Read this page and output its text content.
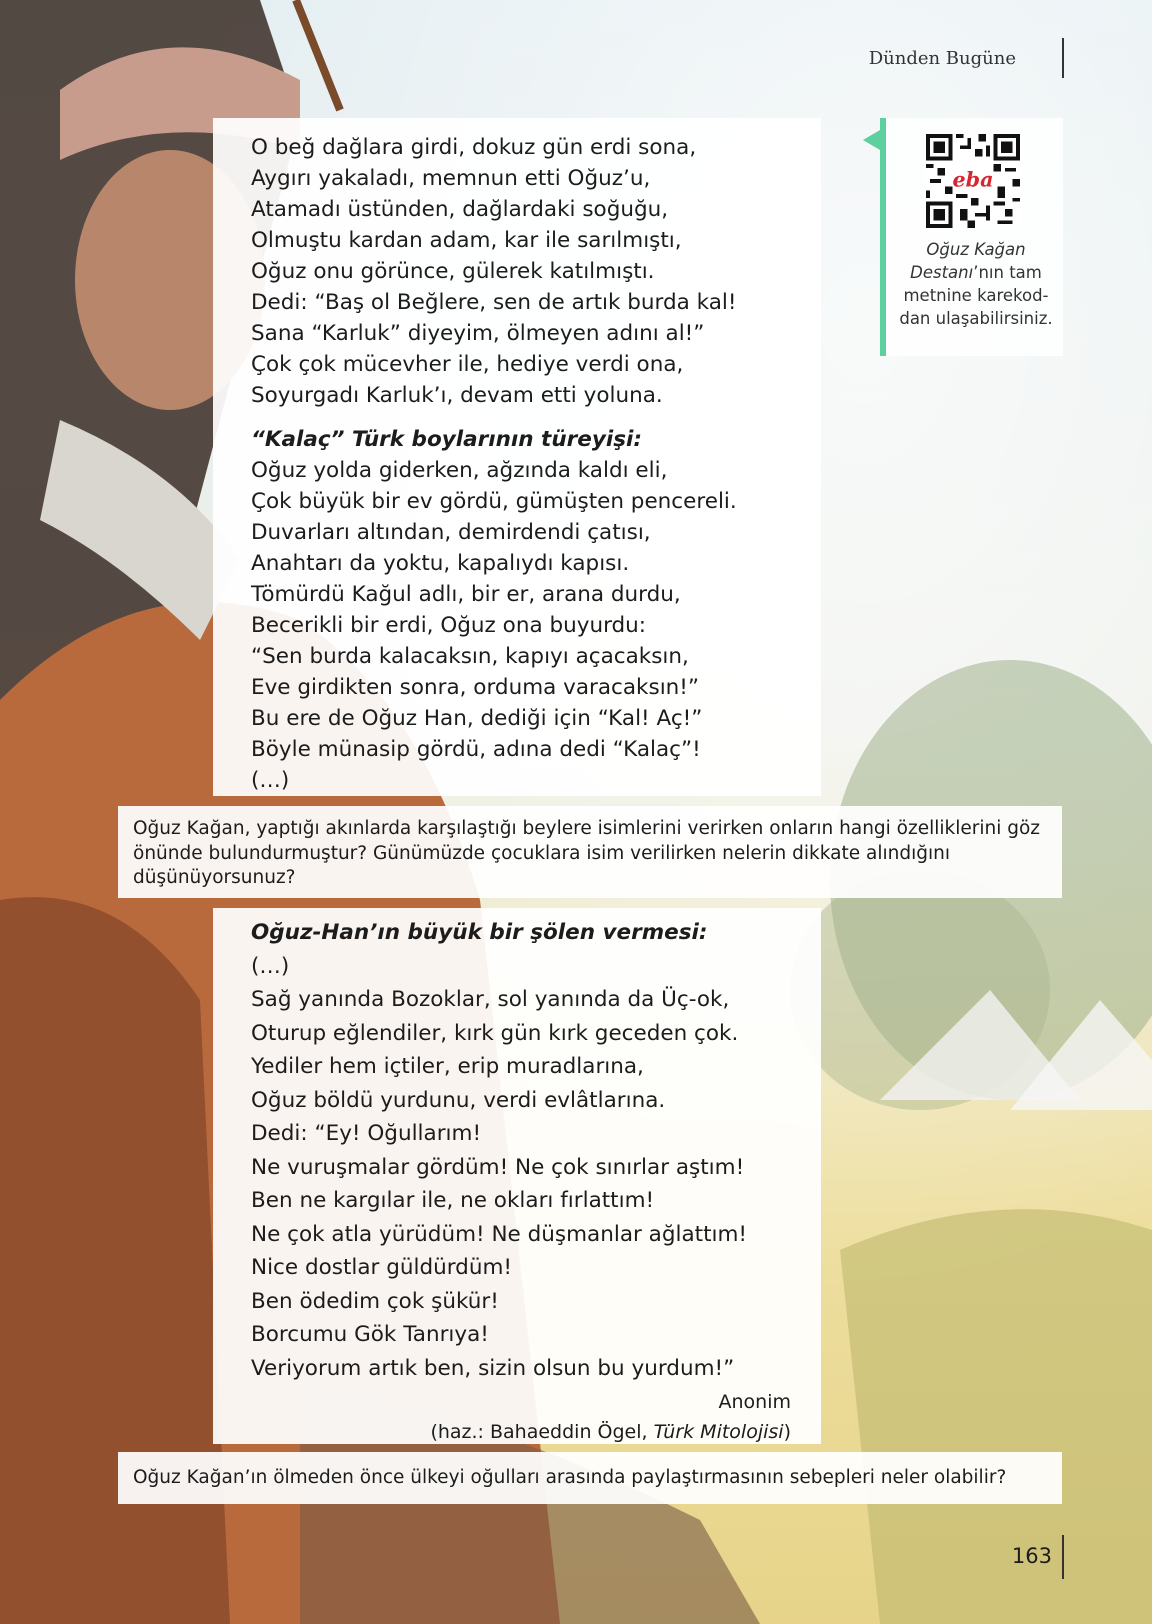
Dünden Bugüne
O beğ dağlara girdi, dokuz gün erdi sona,
Aygırı yakaladı, memnun etti Oğuz’u,
Atamadı üstünden, dağlardaki soğuğu,
Olmuştu kardan adam, kar ile sarılmıştı,
Oğuz onu görünce, gülerek katılmıştı.
Dedi: “Baş ol Beğlere, sen de artık burda kal!
Sana “Karluk” diyeyim, ölmeyen adını al!”
Çok çok mücevher ile, hediye verdi ona,
Soyurgadı Karluk’ı, devam etti yoluna.
“Kalaç” Türk boylarının türeyişi:
Oğuz yolda giderken, ağzında kaldı eli,
Çok büyük bir ev gördü, gümüşten pencereli.
Duvarları altından, demirdendi çatısı,
Anahtarı da yoktu, kapalıydı kapısı.
Tömürdü Kağul adlı, bir er, arana durdu,
Becerikli bir erdi, Oğuz ona buyurdu:
“Sen burda kalacaksın, kapıyı açacaksın,
Eve girdikten sonra, orduma varacaksın!”
Bu ere de Oğuz Han, dediği için “Kal! Aç!”
Böyle münasip gördü, adına dedi “Kalaç”!
(…)
Oğuz Kağan, yaptığı akınlarda karşılaştığı beylere isimlerini verirken onların hangi özelliklerini göz önünde bulundurmuştur? Günümüzde çocuklara isim verilirken nelerin dikkate alındığını düşünüyorsunuz?
Oğuz-Han’ın büyük bir şölen vermesi:
(…)
Sağ yanında Bozoklar, sol yanında da Üç-ok,
Oturup eğlendiler, kırk gün kırk geceden çok.
Yediler hem içtiler, erip muradlarına,
Oğuz böldü yurdunu, verdi evlâtlarına.
Dedi: “Ey! Oğullarım!
Ne vuruşmalar gördüm! Ne çok sınırlar aştım!
Ben ne kargılar ile, ne okları fırlattım!
Ne çok atla yürüdüm! Ne düşmanlar ağlattım!
Nice dostlar güldürdüm!
Ben ödedim çok şükür!
Borcumu Gök Tanrıya!
Veriyorum artık ben, sizin olsun bu yurdum!”
Anonim
(haz.: Bahaeddin Ögel, Türk Mitolojisi)
Oğuz Kağan’ın ölmeden önce ülkeyi oğulları arasında paylaştırmasının sebepleri neler olabilir?
eba
Oğuz Kağan Destanı’nın tam metnine karekod-dan ulaşabilirsiniz.
163
